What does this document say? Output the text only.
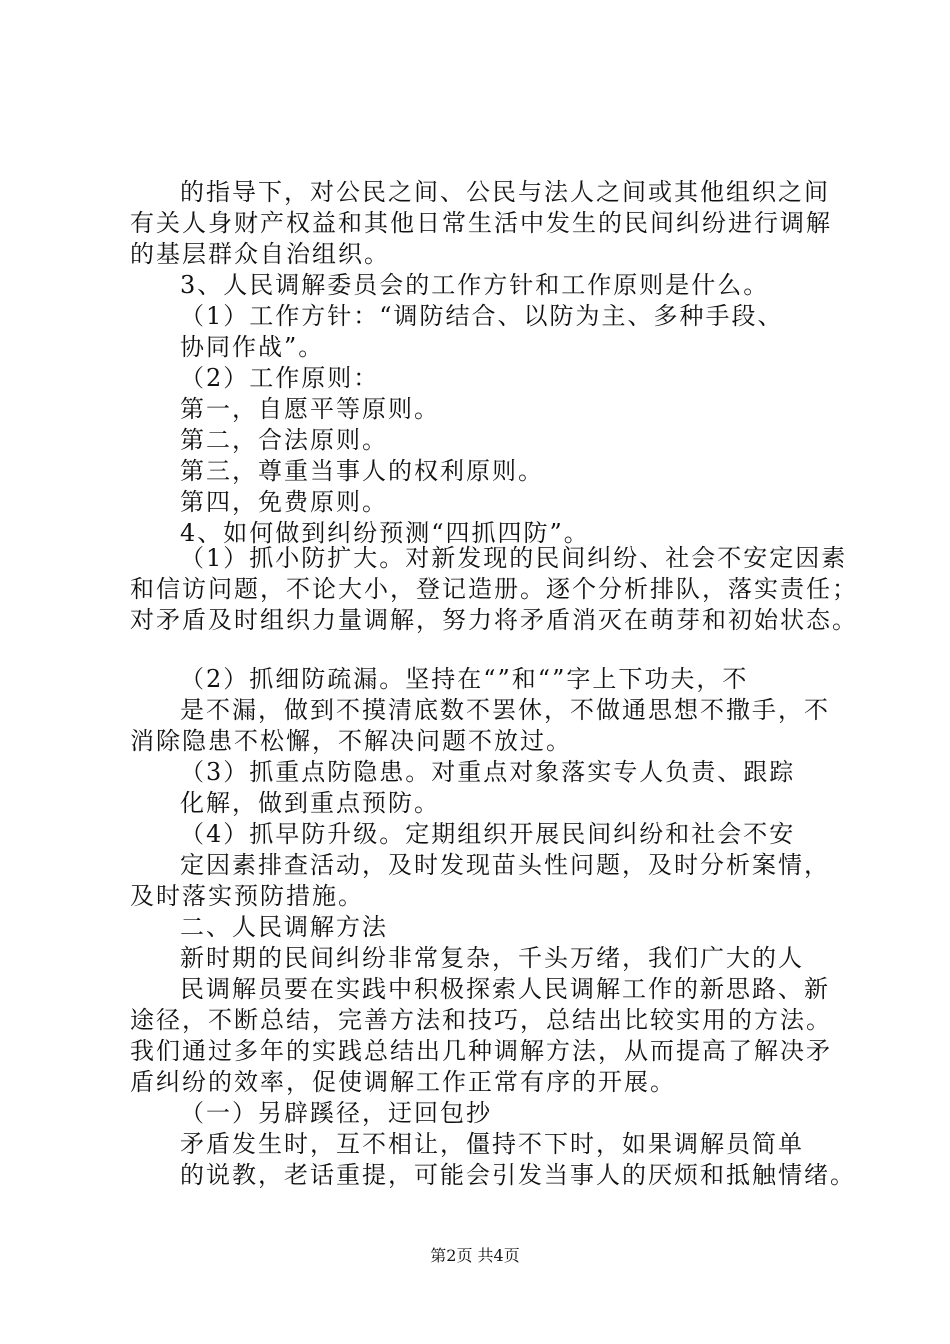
的指导下，对公民之间、公民与法人之间或其他组织之间
有关人身财产权益和其他日常生活中发生的民间纠纷进行调解
的基层群众自治组织。
3、人民调解委员会的工作方针和工作原则是什么。
（1）工作方针：“调防结合、以防为主、多种手段、
协同作战”。
（2）工作原则：
第一，自愿平等原则。
第二，合法原则。
第三，尊重当事人的权利原则。
第四，免费原则。
4、如何做到纠纷预测“四抓四防”。
（1）抓小防扩大。对新发现的民间纠纷、社会不安定因素
和信访问题，不论大小，登记造册。逐个分析排队，落实责任；
对矛盾及时组织力量调解，努力将矛盾消灭在萌芽和初始状态。
（2）抓细防疏漏。坚持在“”和“”字上下功夫，不
是不漏，做到不摸清底数不罢休，不做通思想不撒手，不
消除隐患不松懈，不解决问题不放过。
（3）抓重点防隐患。对重点对象落实专人负责、跟踪
化解，做到重点预防。
（4）抓早防升级。定期组织开展民间纠纷和社会不安
定因素排查活动，及时发现苗头性问题，及时分析案情，
及时落实预防措施。
二、人民调解方法
新时期的民间纠纷非常复杂，千头万绪，我们广大的人
民调解员要在实践中积极探索人民调解工作的新思路、新
途径，不断总结，完善方法和技巧，总结出比较实用的方法。
我们通过多年的实践总结出几种调解方法，从而提高了解决矛
盾纠纷的效率，促使调解工作正常有序的开展。
（一）另辟蹊径，迂回包抄
矛盾发生时，互不相让，僵持不下时，如果调解员简单
的说教，老话重提，可能会引发当事人的厌烦和抵触情绪。
第2页 共4页
